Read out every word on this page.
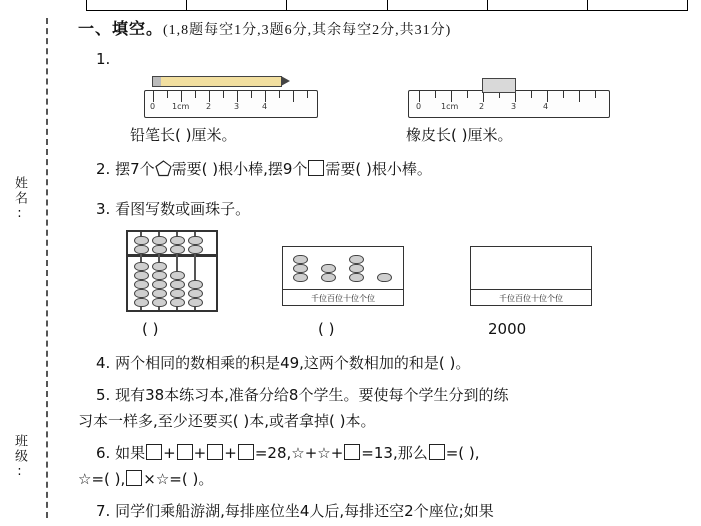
姓名:
班级:
一、填空。(1,8题每空1分,3题6分,其余每空2分,共31分)
1.
0 1cm 2	3	4	0 1cm	2	3	4
铅笔长( )厘米。	橡皮长( )厘米。
2. 摆7个 需要( )根小棒,摆9个 需要( )根小棒。
3. 看图写数或画珠子。
千位百位十位个位	千位百位十位个位
( )	( )	2000
4. 两个相同的数相乘的积是49,这两个数相加的和是( )。
5. 现有38本练习本,准备分给8个学生。要使每个学生分到的练
习本一样多,至少还要买( )本,或者拿掉( )本。
6. 如果 + + + =28,☆+☆+ =13,那么 =( ),
☆=( ), ×☆=( )。
7. 同学们乘船游湖,每排座位坐4人后,每排还空2个座位;如果
